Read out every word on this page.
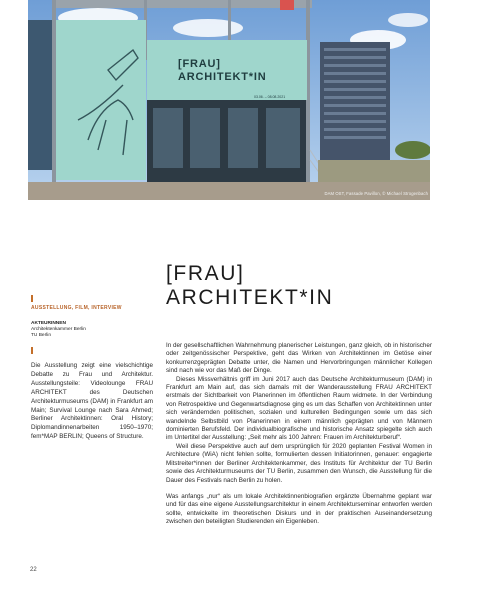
[FRAU]
ARCHITEKT*IN
03.06. – 08.08.2021
DAM OST, Fassade Pavillon, © Michael Strogenbach
[FRAU]
ARCHITEKT*IN
AUSSTELLUNG, FILM, INTERVIEW
AKTEURINNEN
Architektenkammer Berlin
TU Berlin
Die Ausstellung zeigt eine vielschichtige Debatte zu Frau und Architektur. Ausstellungsteile: Videolounge FRAU ARCHITEKT des Deutschen Architekturmuseums (DAM) in Frankfurt am Main; Survival Lounge nach Sara Ahmed; Berliner Architektinnen: Oral History; Diplomandinnenarbeiten 1950–1970; fem*MAP BERLIN; Queens of Structure.

In der gesellschaftlichen Wahrnehmung planerischer Leistungen, ganz gleich, ob in historischer oder zeitgenössischer Perspektive, geht das Wirken von Architektinnen im Getöse einer konkurrenzgeprägten Debatte unter, die Namen und Hervorbringungen männlicher Kollegen sind nach wie vor das Maß der Dinge.

Dieses Missverhältnis griff im Juni 2017 auch das Deutsche Architekturmuseum (DAM) in Frankfurt am Main auf, das sich damals mit der Wanderausstellung FRAU ARCHITEKT erstmals der Sichtbarkeit von Planerinnen im öffentlichen Raum widmete. In der Verbindung von Retrospektive und Gegenwartsdiagnose ging es um das Schaffen von Architektinnen unter sich verändernden politischen, sozialen und kulturellen Bedingungen sowie um das sich wandelnde Selbstbild von Planerinnen in einem männlich geprägten und von Männern dominierten Berufsfeld. Der individualbiografische und historische Ansatz spiegelte sich auch im Untertitel der Ausstellung: „Seit mehr als 100 Jahren: Frauen im Architekturberuf“.

Weil diese Perspektive auch auf dem ursprünglich für 2020 geplanten Festival Women in Architecture (WiA) nicht fehlen sollte, formulierten dessen Initiatorinnen, genauer: engagierte Mitstreiter*innen der Berliner Architektenkammer, des Instituts für Architektur der TU Berlin sowie des Architekturmuseums der TU Berlin, zusammen den Wunsch, die Ausstellung für die Dauer des Festivals nach Berlin zu holen.

Was anfangs „nur“ als um lokale Architektinnenbiografien ergänzte Übernahme geplant war und für das eine eigene Ausstellungsarchitektur in einem Architekturseminar entworfen werden sollte, entwickelte im theoretischen Diskurs und in der praktischen Auseinandersetzung zwischen den beteiligten Studierenden ein Eigenleben.

22
